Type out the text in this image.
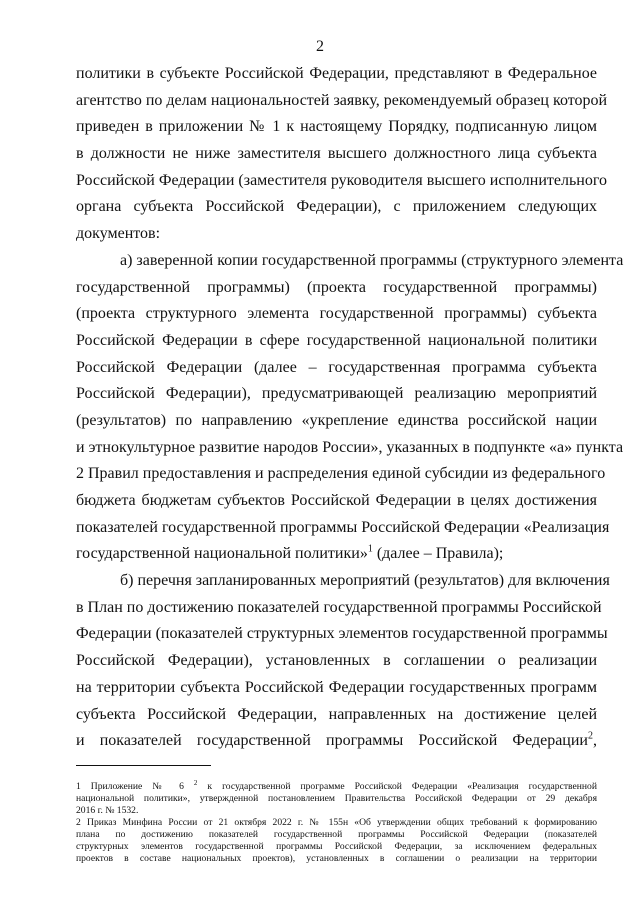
2
политики в субъекте Российской Федерации, представляют в Федеральное
агентство по делам национальностей заявку, рекомендуемый образец которой
приведен в приложении № 1 к настоящему Порядку, подписанную лицом
в должности не ниже заместителя высшего должностного лица субъекта
Российской Федерации (заместителя руководителя высшего исполнительного
органа субъекта Российской Федерации), с приложением следующих
документов:
а) заверенной копии государственной программы (структурного элемента
государственной программы) (проекта государственной программы)
(проекта структурного элемента государственной программы) субъекта
Российской Федерации в сфере государственной национальной политики
Российской Федерации (далее – государственная программа субъекта
Российской Федерации), предусматривающей реализацию мероприятий
(результатов) по направлению «укрепление единства российской нации
и этнокультурное развитие народов России», указанных в подпункте «а» пункта
2 Правил предоставления и распределения единой субсидии из федерального
бюджета бюджетам субъектов Российской Федерации в целях достижения
показателей государственной программы Российской Федерации «Реализация
государственной национальной политики»$^1$ (далее – Правила);
б) перечня запланированных мероприятий (результатов) для включения
в План по достижению показателей государственной программы Российской
Федерации (показателей структурных элементов государственной программы
Российской Федерации), установленных в соглашении о реализации
на территории субъекта Российской Федерации государственных программ
субъекта Российской Федерации, направленных на достижение целей
и показателей государственной программы Российской Федерации$^2$,
1 Приложение № 6 $^2$ к государственной программе Российской Федерации «Реализация государственной
национальной политики», утвержденной постановлением Правительства Российской Федерации от 29 декабря
2016 г. № 1532.
2 Приказ Минфина России от 21 октября 2022 г. № 155н «Об утверждении общих требований к формированию
плана по достижению показателей государственной программы Российской Федерации (показателей
структурных элементов государственной программы Российской Федерации, за исключением федеральных
проектов в составе национальных проектов), установленных в соглашении о реализации на территории
